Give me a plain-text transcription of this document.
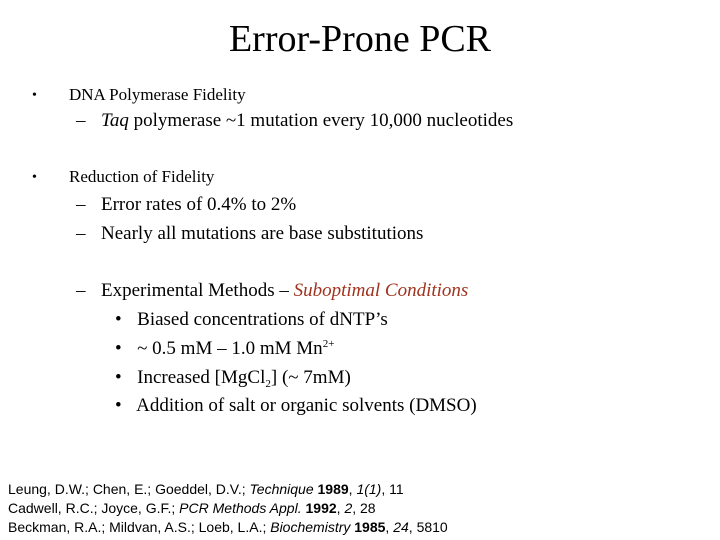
Error-Prone PCR
• DNA Polymerase Fidelity
– Taq polymerase ~1 mutation every 10,000 nucleotides
• Reduction of Fidelity
– Error rates of 0.4% to 2%
– Nearly all mutations are base substitutions
– Experimental Methods – Suboptimal Conditions
• Biased concentrations of dNTP’s
• ~ 0.5 mM – 1.0 mM $Mn^{2+}$
• Increased [MgCl$_2$] (~ 7mM)
• Addition of salt or organic solvents (DMSO)
Leung, D.W.; Chen, E.; Goeddel, D.V.; Technique 1989, 1(1), 11
Cadwell, R.C.; Joyce, G.F.; PCR Methods Appl. 1992, 2, 28
Beckman, R.A.; Mildvan, A.S.; Loeb, L.A.; Biochemistry 1985, 24, 5810
